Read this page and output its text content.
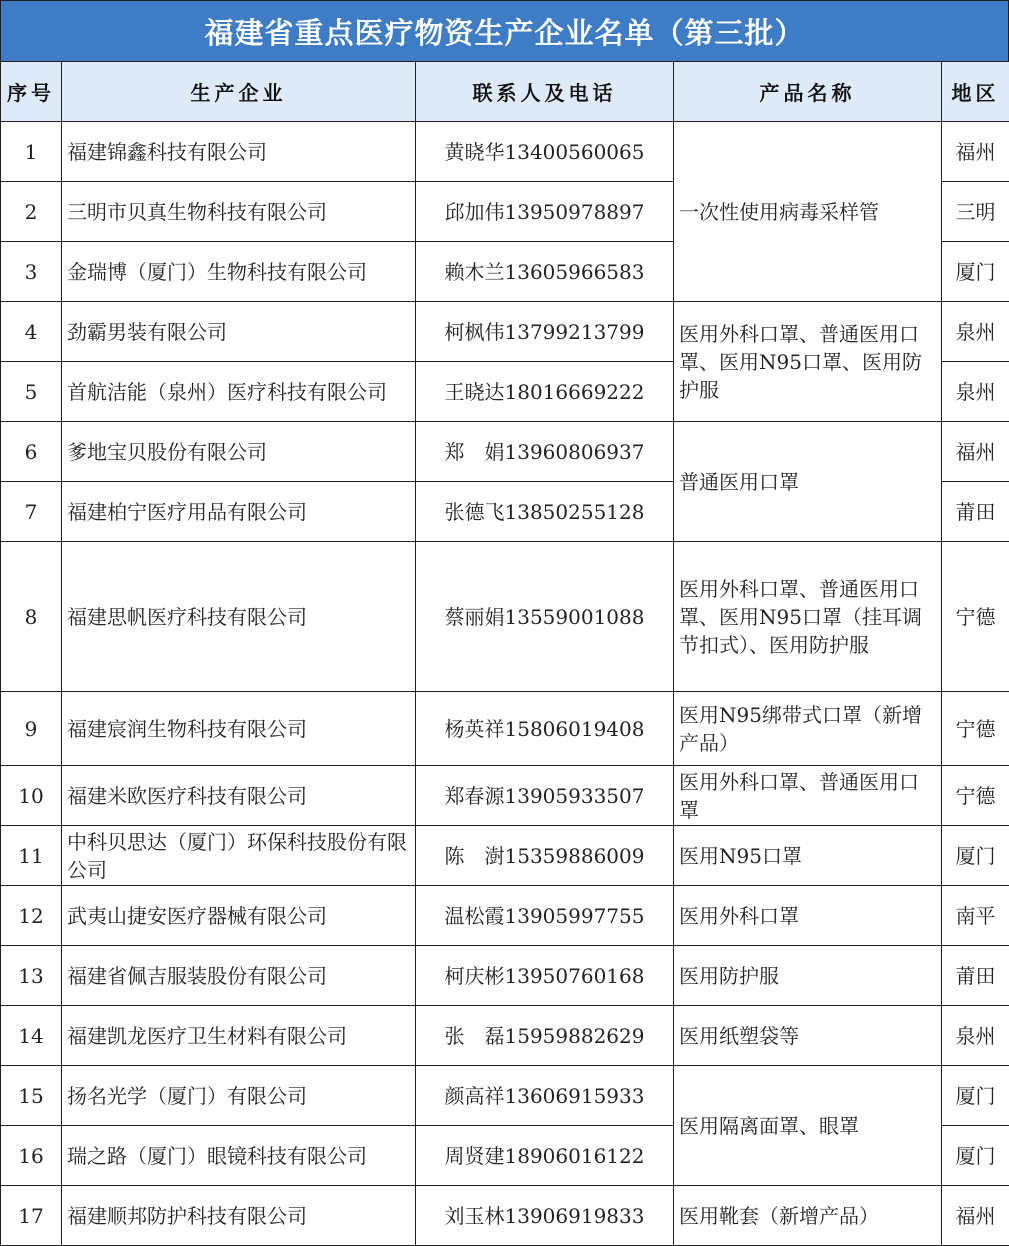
福建省重点医疗物资生产企业名单（第三批）
序号	生产企业	联系人及电话	产品名称	地区
1	福建锦鑫科技有限公司	黄晓华13400560065	一次性使用病毒采样管	福州
2	三明市贝真生物科技有限公司	邱加伟13950978897		三明
3	金瑞博（厦门）生物科技有限公司	赖木兰13605966583		厦门
4	劲霸男装有限公司	柯枫伟13799213799	医用外科口罩、普通医用口罩、医用N95口罩、医用防护服	泉州
5	首航洁能（泉州）医疗科技有限公司	王晓达18016669222		泉州
6	爹地宝贝股份有限公司	郑　娟13960806937	普通医用口罩	福州
7	福建柏宁医疗用品有限公司	张德飞13850255128		莆田
8	福建思帆医疗科技有限公司	蔡丽娟13559001088	医用外科口罩、普通医用口罩、医用N95口罩（挂耳调节扣式）、医用防护服	宁德
9	福建宸润生物科技有限公司	杨英祥15806019408	医用N95绑带式口罩（新增产品）	宁德
10	福建米欧医疗科技有限公司	郑春源13905933507	医用外科口罩、普通医用口罩	宁德
11	中科贝思达（厦门）环保科技股份有限公司	陈　澍15359886009	医用N95口罩	厦门
12	武夷山捷安医疗器械有限公司	温松霞13905997755	医用外科口罩	南平
13	福建省佩吉服装股份有限公司	柯庆彬13950760168	医用防护服	莆田
14	福建凯龙医疗卫生材料有限公司	张　磊15959882629	医用纸塑袋等	泉州
15	扬名光学（厦门）有限公司	颜高祥13606915933	医用隔离面罩、眼罩	厦门
16	瑞之路（厦门）眼镜科技有限公司	周贤建18906016122		厦门
17	福建顺邦防护科技有限公司	刘玉林13906919833	医用靴套（新增产品）	福州
